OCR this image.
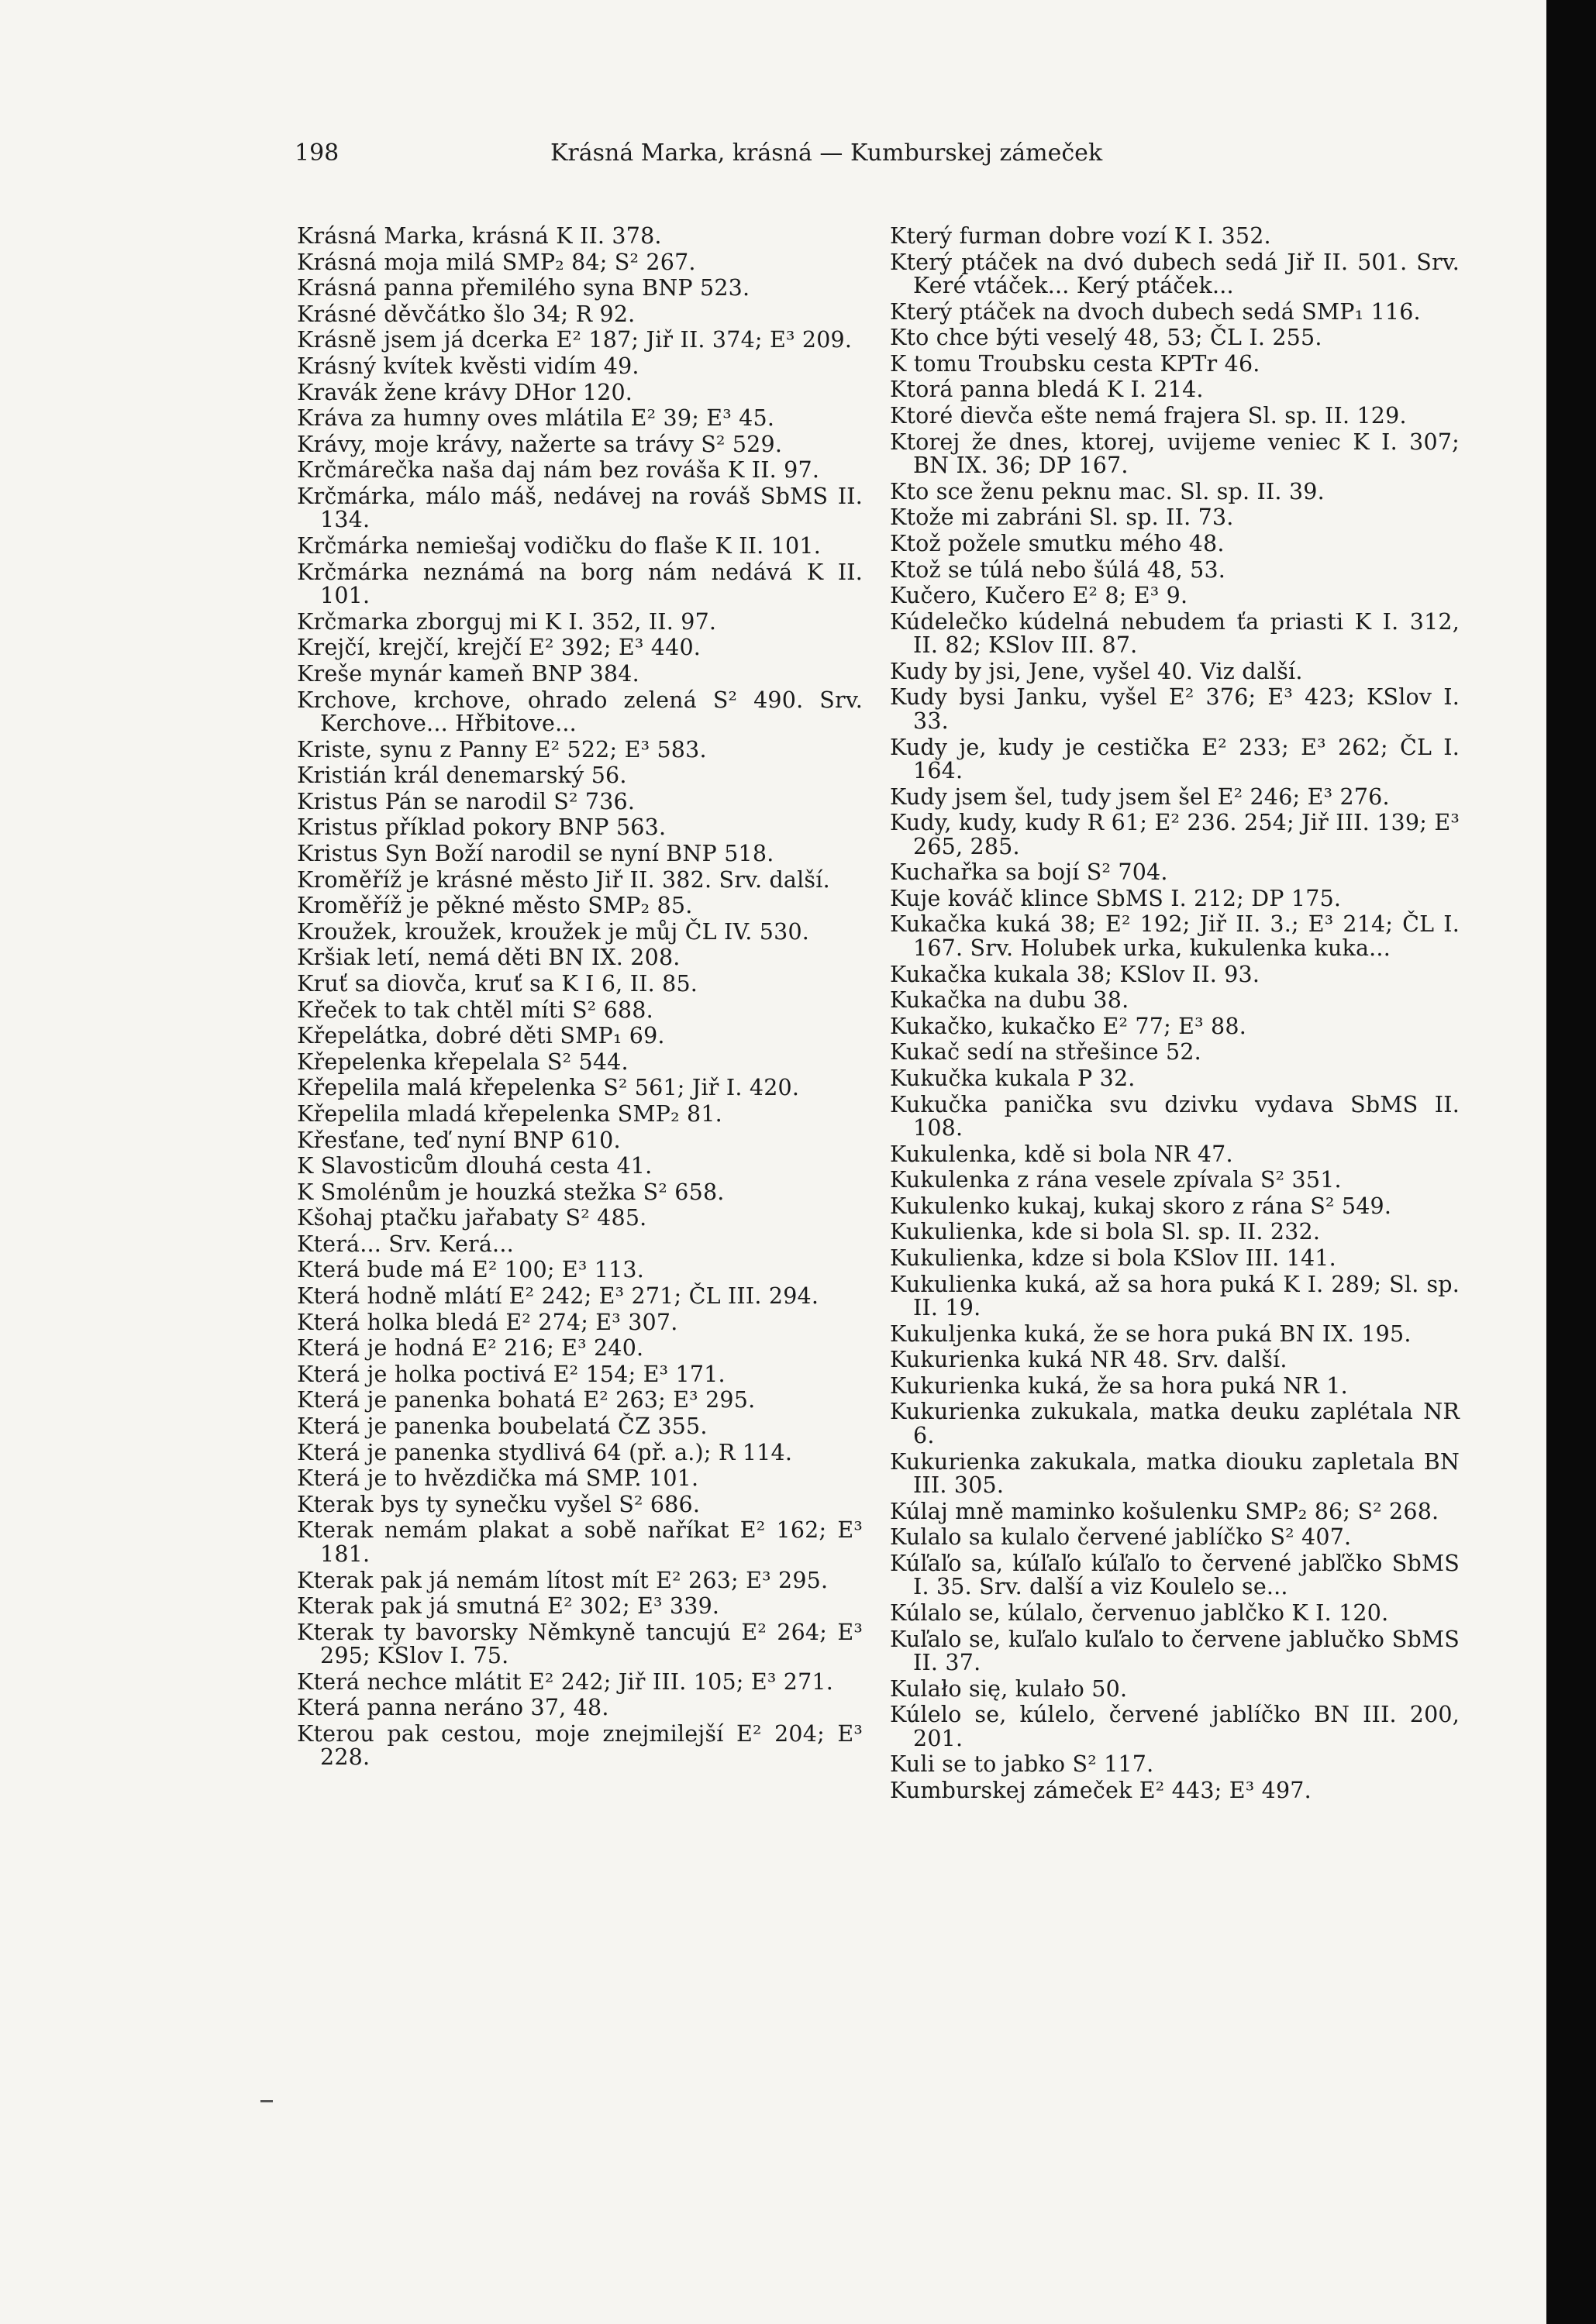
198	Krásná Marka, krásná — Kumburskej zámeček
Krásná Marka, krásná K II. 378.
Krásná moja milá SMP₂ 84; S² 267.
Krásná panna přemilého syna BNP 523.
Krásné děvčátko šlo 34; R 92.
Krásně jsem já dcerka E² 187; Jiř II. 374; E³ 209.
Krásný kvítek kvěsti vidím 49.
Kravák žene krávy DHor 120.
Kráva za humny oves mlátila E² 39; E³ 45.
Krávy, moje krávy, nažerte sa trávy S² 529.
Krčmárečka naša daj nám bez rováša K II. 97.
Krčmárka, málo máš, nedávej na rováš SbMS II. 134.
Krčmárka nemiešaj vodičku do flaše K II. 101.
Krčmárka neznámá na borg nám nedává K II. 101.
Krčmarka zborguj mi K I. 352, II. 97.
Krejčí, krejčí, krejčí E² 392; E³ 440.
Kreše mynár kameň BNP 384.
Krchove, krchove, ohrado zelená S² 490. Srv. Kerchove... Hřbitove...
Kriste, synu z Panny E² 522; E³ 583.
Kristián král denemarský 56.
Kristus Pán se narodil S² 736.
Kristus příklad pokory BNP 563.
Kristus Syn Boží narodil se nyní BNP 518.
Kroměříž je krásné město Jiř II. 382. Srv. další.
Kroměříž je pěkné město SMP₂ 85.
Kroužek, kroužek, kroužek je můj ČL IV. 530.
Kršiak letí, nemá děti BN IX. 208.
Kruť sa diovča, kruť sa K I 6, II. 85.
Křeček to tak chtěl míti S² 688.
Křepelátka, dobré děti SMP₁ 69.
Křepelenka křepelala S² 544.
Křepelila malá křepelenka S² 561; Jiř I. 420.
Křepelila mladá křepelenka SMP₂ 81.
Křesťane, teď nyní BNP 610.
K Slavosticům dlouhá cesta 41.
K Smolénům je houzká stežka S² 658.
Kšohaj ptačku jařabaty S² 485.
Která... Srv. Kerá...
Která bude má E² 100; E³ 113.
Která hodně mlátí E² 242; E³ 271; ČL III. 294.
Která holka bledá E² 274; E³ 307.
Která je hodná E² 216; E³ 240.
Která je holka poctivá E² 154; E³ 171.
Která je panenka bohatá E² 263; E³ 295.
Která je panenka boubelatá ČZ 355.
Která je panenka stydlivá 64 (př. a.); R 114.
Která je to hvězdička má SMP. 101.
Kterak bys ty synečku vyšel S² 686.
Kterak nemám plakat a sobě naříkat E² 162; E³ 181.
Kterak pak já nemám lítost mít E² 263; E³ 295.
Kterak pak já smutná E² 302; E³ 339.
Kterak ty bavorsky Němkyně tancujú E² 264; E³ 295; KSlov I. 75.
Která nechce mlátit E² 242; Jiř III. 105; E³ 271.
Která panna neráno 37, 48.
Kterou pak cestou, moje znejmilejší E² 204; E³ 228.
Který furman dobre vozí K I. 352.
Který ptáček na dvó dubech sedá Jiř II. 501. Srv. Keré vtáček... Kerý ptáček...
Který ptáček na dvoch dubech sedá SMP₁ 116.
Kto chce býti veselý 48, 53; ČL I. 255.
K tomu Troubsku cesta KPTr 46.
Ktorá panna bledá K I. 214.
Ktoré dievča ešte nemá frajera Sl. sp. II. 129.
Ktorej že dnes, ktorej, uvijeme veniec K I. 307; BN IX. 36; DP 167.
Kto sce ženu peknu mac. Sl. sp. II. 39.
Ktože mi zabráni Sl. sp. II. 73.
Ktož požele smutku mého 48.
Ktož se túlá nebo šúlá 48, 53.
Kučero, Kučero E² 8; E³ 9.
Kúdelečko kúdelná nebudem ťa priasti K I. 312, II. 82; KSlov III. 87.
Kudy by jsi, Jene, vyšel 40. Viz další.
Kudy bysi Janku, vyšel E² 376; E³ 423; KSlov I. 33.
Kudy je, kudy je cestička E² 233; E³ 262; ČL I. 164.
Kudy jsem šel, tudy jsem šel E² 246; E³ 276.
Kudy, kudy, kudy R 61; E² 236. 254; Jiř III. 139; E³ 265, 285.
Kuchařka sa bojí S² 704.
Kuje kováč klince SbMS I. 212; DP 175.
Kukačka kuká 38; E² 192; Jiř II. 3.; E³ 214; ČL I. 167. Srv. Holubek urka, kukulenka kuka...
Kukačka kukala 38; KSlov II. 93.
Kukačka na dubu 38.
Kukačko, kukačko E² 77; E³ 88.
Kukač sedí na střešince 52.
Kukučka kukala P 32.
Kukučka panička svu dzivku vydava SbMS II. 108.
Kukulenka, kdě si bola NR 47.
Kukulenka z rána vesele zpívala S² 351.
Kukulenko kukaj, kukaj skoro z rána S² 549.
Kukulienka, kde si bola Sl. sp. II. 232.
Kukulienka, kdze si bola KSlov III. 141.
Kukulienka kuká, až sa hora puká K I. 289; Sl. sp. II. 19.
Kukuljenka kuká, že se hora puká BN IX. 195.
Kukurienka kuká NR 48. Srv. další.
Kukurienka kuká, že sa hora puká NR 1.
Kukurienka zukukala, matka deuku zaplétala NR 6.
Kukurienka zakukala, matka diouku zapletala BN III. 305.
Kúlaj mně maminko košulenku SMP₂ 86; S² 268.
Kulalo sa kulalo červené jablíčko S² 407.
Kúľaľo sa, kúľaľo kúľaľo to červené jabľčko SbMS I. 35. Srv. další a viz Koulelo se...
Kúlalo se, kúlalo, červenuo jablčko K I. 120.
Kuľalo se, kuľalo kuľalo to červene jablučko SbMS II. 37.
Kulało się, kulało 50.
Kúlelo se, kúlelo, červené jablíčko BN III. 200, 201.
Kuli se to jabko S² 117.
Kumburskej zámeček E² 443; E³ 497.
